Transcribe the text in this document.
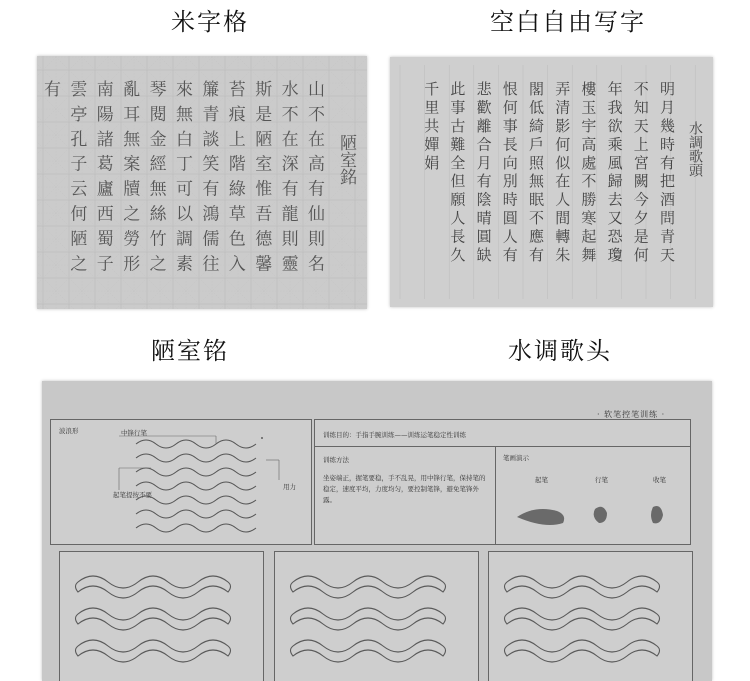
米字格	空白自由写字
陋室铭	水调歌头
陋室銘
山不在高有仙則名
水不在深有龍則靈
斯是陋室惟吾德馨
苔痕上階綠草色入
簾青談笑有鴻儒往
來無白丁可以調素
琴閱金經無絲竹之
亂耳無案牘之勞形
南陽諸葛廬西蜀子
雲亭孔子云何陋之
有
水調歌頭
明月幾時有把酒問青天
不知天上宮闕今夕是何
年我欲乘風歸去又恐瓊
樓玉宇高處不勝寒起舞
弄清影何似在人間轉朱
閣低綺戶照無眠不應有
恨何事長向別時圓人有
悲歡離合月有陰晴圓缺
此事古難全但願人長久
千里共嬋娟
· 软笔控笔训练 ·
波浪形	中锋行笔
起笔提按不要
用力
训练目的：手指手腕训练——训练运笔稳定性训练
训练方法
坐姿端正，握笔要稳，手不乱晃，用中锋行笔，保持笔的稳定，速度平均，力度均匀，要控制笔锋，避免笔锋外露。
笔画演示
起笔	行笔	收笔
